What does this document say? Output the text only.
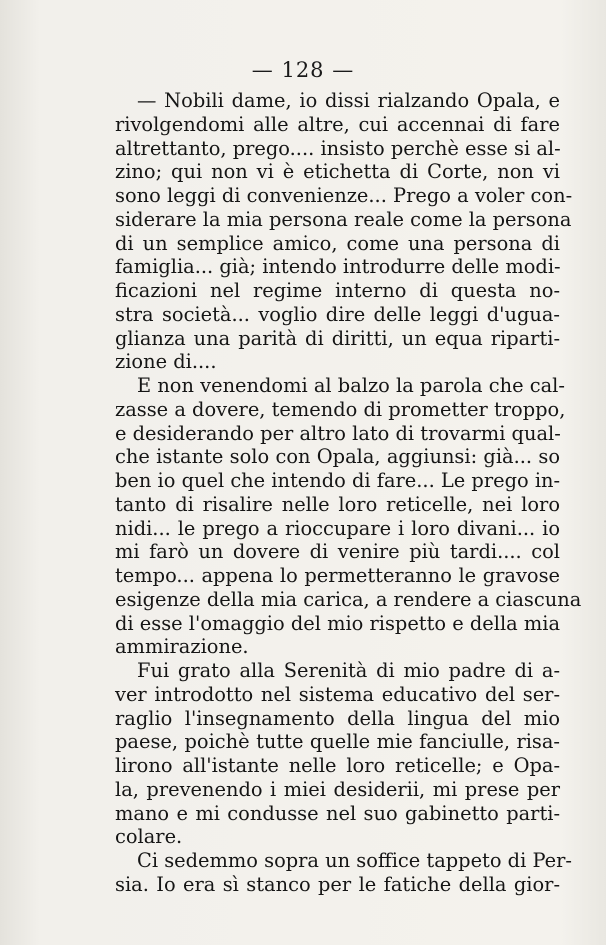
— 128 —
— Nobili dame, io dissi rialzando Opala, e
rivolgendomi alle altre, cui accennai di fare
altrettanto, prego.... insisto perchè esse si al-
zino; qui non vi è etichetta di Corte, non vi
sono leggi di convenienze... Prego a voler con-
siderare la mia persona reale come la persona
di un semplice amico, come una persona di
famiglia... già; intendo introdurre delle modi-
ficazioni nel regime interno di questa no-
stra società... voglio dire delle leggi d'ugua-
glianza una parità di diritti, un equa riparti-
zione di....
E non venendomi al balzo la parola che cal-
zasse a dovere, temendo di prometter troppo,
e desiderando per altro lato di trovarmi qual-
che istante solo con Opala, aggiunsi: già... so
ben io quel che intendo di fare... Le prego in-
tanto di risalire nelle loro reticelle, nei loro
nidi... le prego a rioccupare i loro divani... io
mi farò un dovere di venire più tardi.... col
tempo... appena lo permetteranno le gravose
esigenze della mia carica, a rendere a ciascuna
di esse l'omaggio del mio rispetto e della mia
ammirazione.
Fui grato alla Serenità di mio padre di a-
ver introdotto nel sistema educativo del ser-
raglio l'insegnamento della lingua del mio
paese, poichè tutte quelle mie fanciulle, risa-
lirono all'istante nelle loro reticelle; e Opa-
la, prevenendo i miei desiderii, mi prese per
mano e mi condusse nel suo gabinetto parti-
colare.
Ci sedemmo sopra un soffice tappeto di Per-
sia. Io era sì stanco per le fatiche della gior-
